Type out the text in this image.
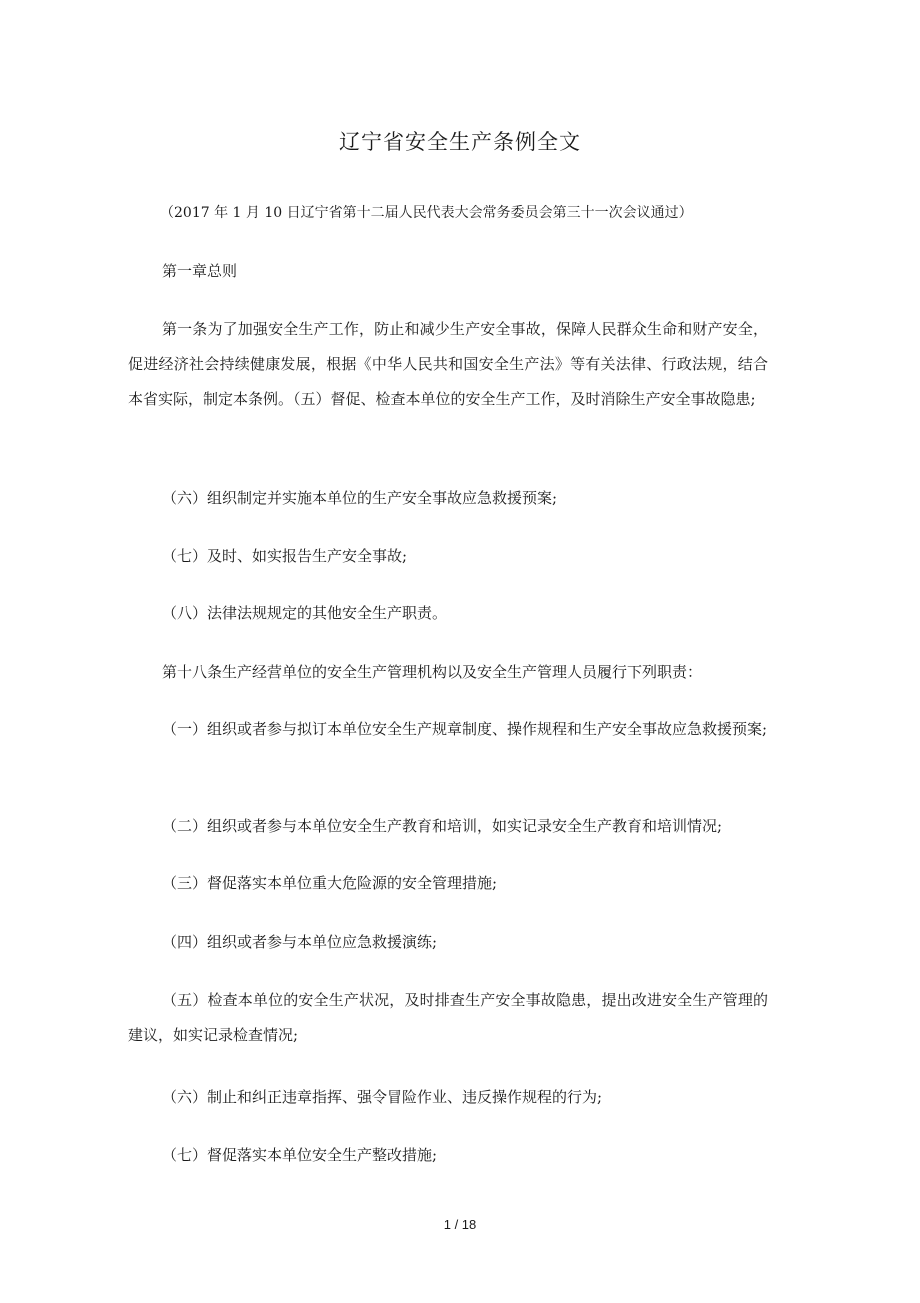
辽宁省安全生产条例全文
（2017 年 1 月 10 日辽宁省第十二届人民代表大会常务委员会第三十一次会议通过）

第一章总则

第一条为了加强安全生产工作，防止和减少生产安全事故，保障人民群众生命和财产安全，促进经济社会持续健康发展，根据《中华人民共和国安全生产法》等有关法律、行政法规，结合本省实际，制定本条例。（五）督促、检查本单位的安全生产工作，及时消除生产安全事故隐患;

（六）组织制定并实施本单位的生产安全事故应急救援预案;

（七）及时、如实报告生产安全事故;

（八）法律法规规定的其他安全生产职责。

第十八条生产经营单位的安全生产管理机构以及安全生产管理人员履行下列职责：

（一）组织或者参与拟订本单位安全生产规章制度、操作规程和生产安全事故应急救援预案;

（二）组织或者参与本单位安全生产教育和培训，如实记录安全生产教育和培训情况;

（三）督促落实本单位重大危险源的安全管理措施;

（四）组织或者参与本单位应急救援演练;

（五）检查本单位的安全生产状况，及时排查生产安全事故隐患，提出改进安全生产管理的建议，如实记录检查情况;

（六）制止和纠正违章指挥、强令冒险作业、违反操作规程的行为;

（七）督促落实本单位安全生产整改措施;

1 / 18
